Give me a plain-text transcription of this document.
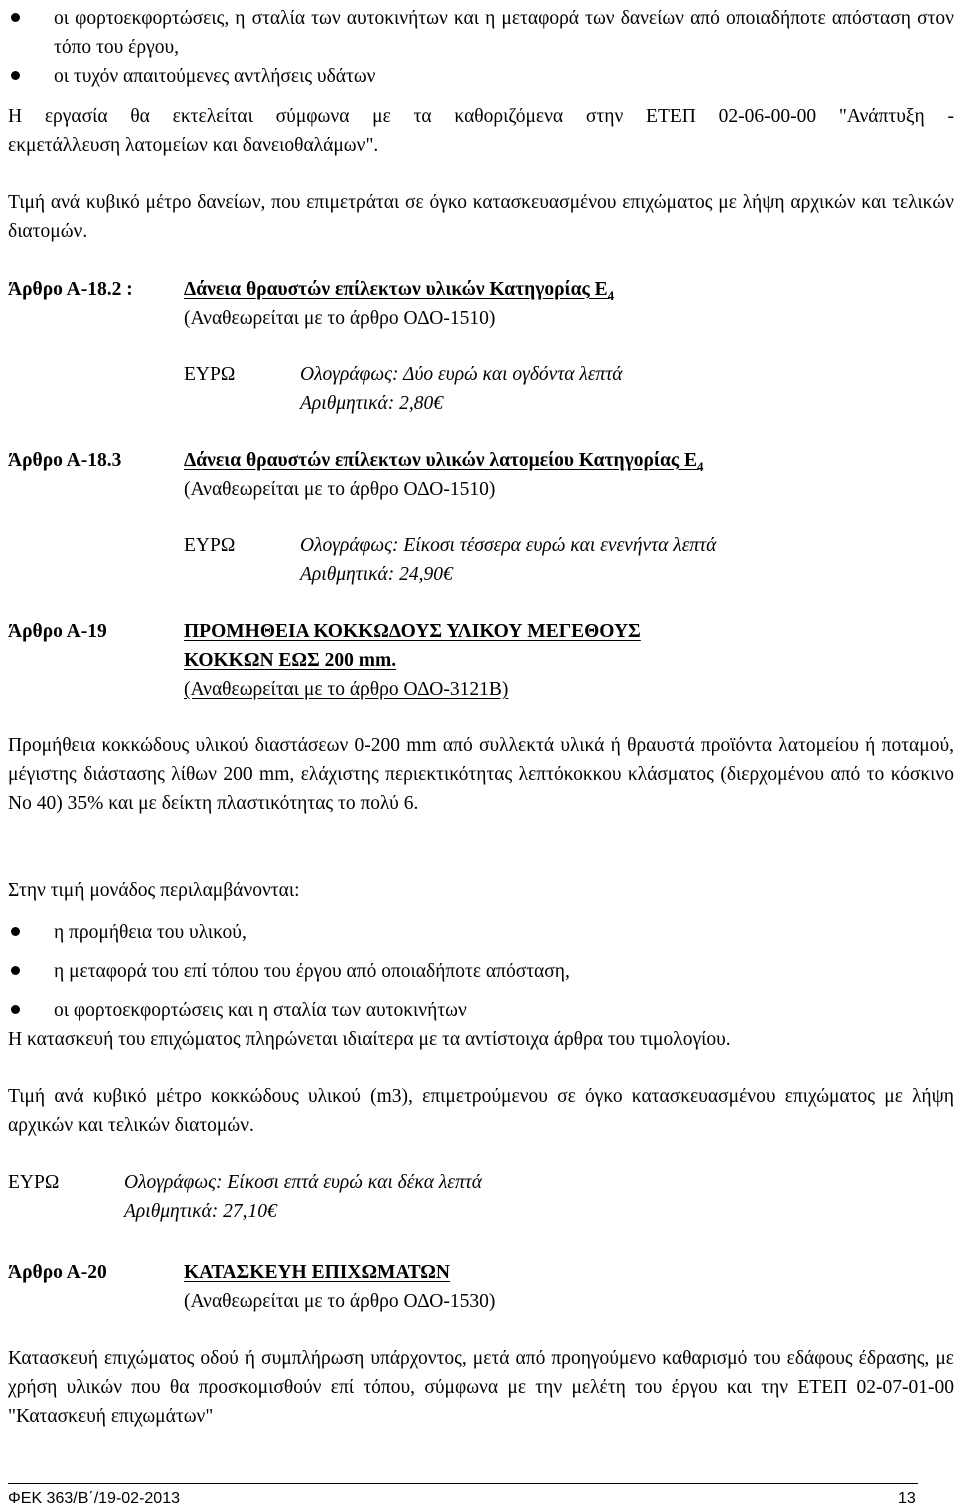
οι φορτοεκφορτώσεις, η σταλία των αυτοκινήτων και η μεταφορά των δανείων από οποιαδήποτε απόσταση στον τόπο του έργου,
οι τυχόν απαιτούμενες αντλήσεις υδάτων
Η εργασία θα εκτελείται σύμφωνα με τα καθοριζόμενα στην ΕΤΕΠ 02-06-00-00 "Ανάπτυξη -
εκμετάλλευση λατομείων και δανειοθαλάμων".
Τιμή ανά κυβικό μέτρο δανείων, που επιμετράται σε όγκο κατασκευασμένου επιχώματος με λήψη αρχικών και τελικών διατομών.
Άρθρο Α-18.2 :	Δάνεια θραυστών επίλεκτων υλικών Κατηγορίας $E_4$
(Αναθεωρείται με το άρθρο ΟΔΟ-1510)
ΕΥΡΩ	Ολογράφως: Δύο ευρώ και ογδόντα λεπτά
Αριθμητικά: 2,80€
Άρθρο Α-18.3	Δάνεια θραυστών επίλεκτων υλικών λατομείου Κατηγορίας $E_4$
(Αναθεωρείται με το άρθρο ΟΔΟ-1510)
ΕΥΡΩ	Ολογράφως: Είκοσι τέσσερα ευρώ και ενενήντα λεπτά
Αριθμητικά: 24,90€
Άρθρο Α-19	ΠΡΟΜΗΘΕΙΑ ΚΟΚΚΩΔΟΥΣ ΥΛΙΚΟΥ ΜΕΓΕΘΟΥΣ
ΚΟΚΚΩΝ ΕΩΣ 200 mm.
(Αναθεωρείται με το άρθρο ΟΔΟ-3121Β)
Προμήθεια κοκκώδους υλικού διαστάσεων 0-200 mm από συλλεκτά υλικά ή θραυστά προϊόντα λατομείου ή ποταμού, μέγιστης διάστασης λίθων 200 mm, ελάχιστης περιεκτικότητας λεπτόκοκκου κλάσματος (διερχομένου από το κόσκινο Νο 40) 35% και με δείκτη πλαστικότητας το πολύ 6.
Στην τιμή μονάδος περιλαμβάνονται:
η προμήθεια του υλικού,
η μεταφορά του επί τόπου του έργου από οποιαδήποτε απόσταση,
οι φορτοεκφορτώσεις και η σταλία των αυτοκινήτων
Η κατασκευή του επιχώματος πληρώνεται ιδιαίτερα με τα αντίστοιχα άρθρα του τιμολογίου.
Τιμή ανά κυβικό μέτρο κοκκώδους υλικού (m3), επιμετρούμενου σε όγκο κατασκευασμένου επιχώματος με λήψη αρχικών και τελικών διατομών.
ΕΥΡΩ	Ολογράφως: Είκοσι επτά ευρώ και δέκα λεπτά
Αριθμητικά: 27,10€
Άρθρο Α-20	ΚΑΤΑΣΚΕΥΗ ΕΠΙΧΩΜΑΤΩΝ
(Αναθεωρείται με το άρθρο ΟΔΟ-1530)
Κατασκευή επιχώματος οδού ή συμπλήρωση υπάρχοντος, μετά από προηγούμενο καθαρισμό του εδάφους έδρασης, με χρήση υλικών που θα προσκομισθούν επί τόπου, σύμφωνα με την μελέτη του έργου και την ΕΤΕΠ 02-07-01-00 "Κατασκευή επιχωμάτων"
ΦΕΚ 363/Β΄/19-02-2013	13
